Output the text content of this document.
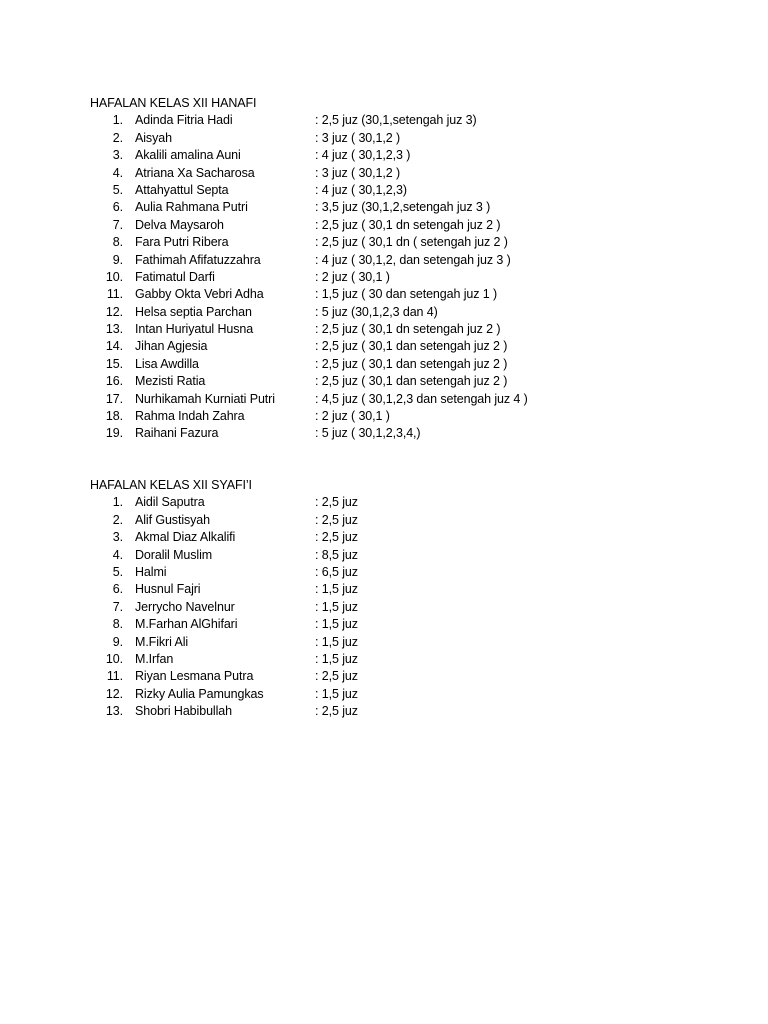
HAFALAN KELAS XII HANAFI
1. Adinda Fitria Hadi	: 2,5 juz (30,1,setengah juz 3)
2. Aisyah	: 3 juz ( 30,1,2 )
3. Akalili amalina Auni	: 4 juz ( 30,1,2,3 )
4. Atriana Xa Sacharosa	: 3 juz ( 30,1,2 )
5. Attahyattul Septa	: 4 juz ( 30,1,2,3)
6. Aulia Rahmana Putri	: 3,5 juz (30,1,2,setengah juz 3 )
7. Delva Maysaroh	: 2,5 juz ( 30,1 dn setengah juz 2 )
8. Fara Putri Ribera	: 2,5 juz ( 30,1 dn ( setengah juz 2 )
9. Fathimah Afifatuzzahra	: 4 juz ( 30,1,2, dan setengah juz 3 )
10. Fatimatul Darfi	: 2 juz ( 30,1 )
11. Gabby Okta Vebri Adha	: 1,5 juz ( 30 dan setengah juz 1 )
12. Helsa septia Parchan	: 5 juz (30,1,2,3 dan 4)
13. Intan Huriyatul Husna	: 2,5 juz ( 30,1 dn setengah juz 2 )
14. Jihan Agjesia	: 2,5 juz ( 30,1 dan setengah juz 2 )
15. Lisa Awdilla	: 2,5 juz ( 30,1 dan setengah juz 2 )
16. Mezisti Ratia	: 2,5 juz ( 30,1 dan setengah juz 2 )
17. Nurhikamah Kurniati Putri	: 4,5 juz ( 30,1,2,3 dan setengah juz 4 )
18. Rahma Indah Zahra	: 2 juz ( 30,1 )
19. Raihani Fazura	: 5 juz ( 30,1,2,3,4,)
HAFALAN KELAS XII SYAFI’I
1. Aidil Saputra	: 2,5 juz
2. Alif Gustisyah	: 2,5 juz
3. Akmal Diaz Alkalifi	: 2,5 juz
4. Doralil Muslim	: 8,5 juz
5. Halmi	: 6,5 juz
6. Husnul Fajri	: 1,5 juz
7. Jerrycho Navelnur	: 1,5 juz
8. M.Farhan AlGhifari	: 1,5 juz
9. M.Fikri Ali	: 1,5 juz
10. M.Irfan	: 1,5 juz
11. Riyan Lesmana Putra	: 2,5 juz
12. Rizky Aulia Pamungkas	: 1,5 juz
13. Shobri Habibullah	: 2,5 juz
